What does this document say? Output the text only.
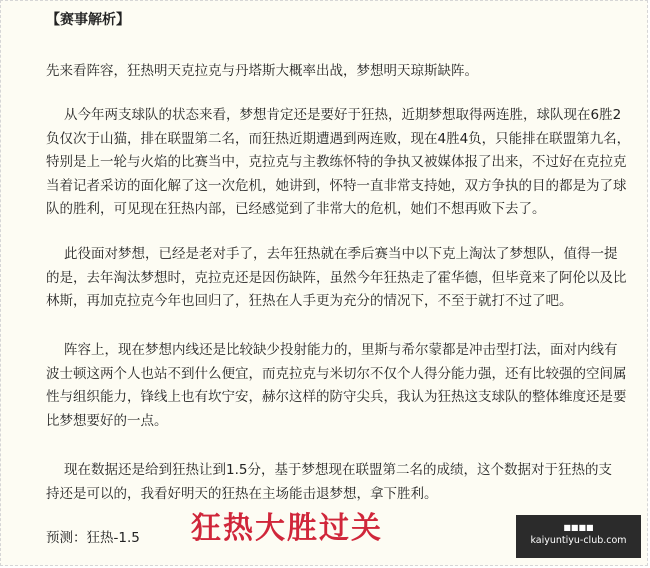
【赛事解析】

先来看阵容，狂热明天克拉克与丹塔斯大概率出战，梦想明天琼斯缺阵。

从今年两支球队的状态来看，梦想肯定还是要好于狂热，近期梦想取得两连胜，球队现在6胜2
负仅次于山猫，排在联盟第二名，而狂热近期遭遇到两连败，现在4胜4负，只能排在联盟第九名，
特别是上一轮与火焰的比赛当中，克拉克与主教练怀特的争执又被媒体报了出来，不过好在克拉克
当着记者采访的面化解了这一次危机，她讲到，怀特一直非常支持她，双方争执的目的都是为了球
队的胜利，可见现在狂热内部，已经感觉到了非常大的危机，她们不想再败下去了。

此役面对梦想，已经是老对手了，去年狂热就在季后赛当中以下克上淘汰了梦想队，值得一提
的是，去年淘汰梦想时，克拉克还是因伤缺阵，虽然今年狂热走了霍华德，但毕竟来了阿伦以及比
林斯，再加克拉克今年也回归了，狂热在人手更为充分的情况下，不至于就打不过了吧。

阵容上，现在梦想内线还是比较缺少投射能力的，里斯与希尔蒙都是冲击型打法，面对内线有
波士顿这两个人也站不到什么便宜，而克拉克与米切尔不仅个人得分能力强，还有比较强的空间属
性与组织能力，锋线上也有坎宁安，赫尔这样的防守尖兵，我认为狂热这支球队的整体维度还是要
比梦想要好的一点。

现在数据还是给到狂热让到1.5分，基于梦想现在联盟第二名的成绩，这个数据对于狂热的支
持还是可以的，我看好明天的狂热在主场能击退梦想，拿下胜利。

预测：狂热-1.5 狂热大胜过关	■■■■
kaiyuntiyu-club.com
